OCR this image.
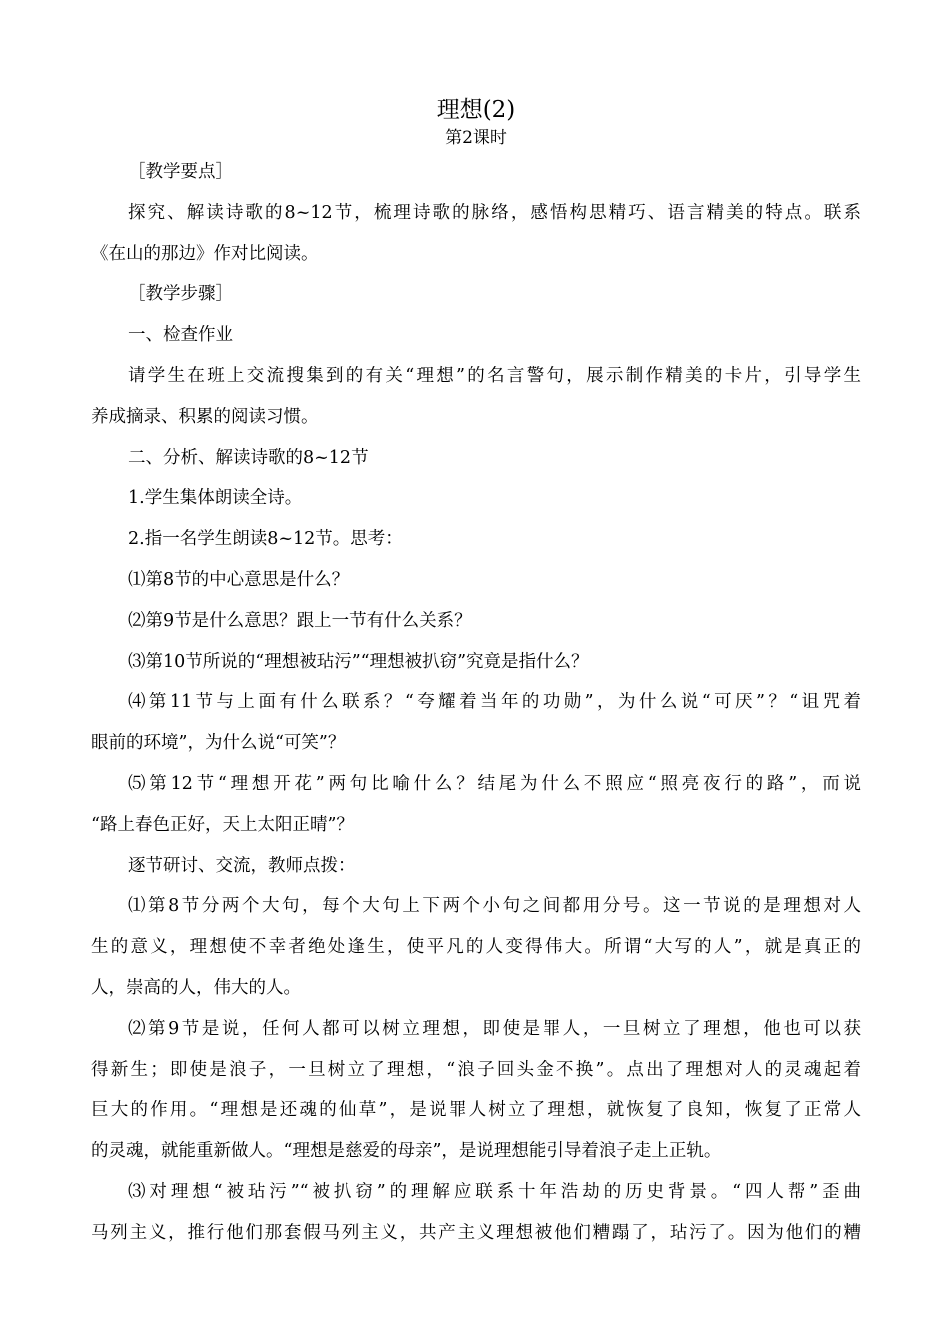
理想(2)
第2课时

［教学要点］

探究、解读诗歌的8~12节，梳理诗歌的脉络，感悟构思精巧、语言精美的特点。联系

《在山的那边》作对比阅读。

［教学步骤］

一、检查作业

请学生在班上交流搜集到的有关“理想”的名言警句，展示制作精美的卡片，引导学生

养成摘录、积累的阅读习惯。

二、分析、解读诗歌的8~12节

1.学生集体朗读全诗。

2.指一名学生朗读8~12节。思考：

⑴第8节的中心意思是什么？

⑵第9节是什么意思？跟上一节有什么关系？

⑶第10节所说的“理想被玷污”“理想被扒窃”究竟是指什么？

⑷第11节与上面有什么联系？“夸耀着当年的功勋”，为什么说“可厌”？“诅咒着

眼前的环境”，为什么说“可笑”？

⑸第12节“理想开花”两句比喻什么？结尾为什么不照应“照亮夜行的路”，而说

“路上春色正好，天上太阳正晴”？

逐节研讨、交流，教师点拨：

⑴第8节分两个大句，每个大句上下两个小句之间都用分号。这一节说的是理想对人

生的意义，理想使不幸者绝处逢生，使平凡的人变得伟大。所谓“大写的人”，就是真正的

人，崇高的人，伟大的人。

⑵第9节是说，任何人都可以树立理想，即使是罪人，一旦树立了理想，他也可以获

得新生；即使是浪子，一旦树立了理想，“浪子回头金不换”。点出了理想对人的灵魂起着

巨大的作用。“理想是还魂的仙草”，是说罪人树立了理想，就恢复了良知，恢复了正常人

的灵魂，就能重新做人。“理想是慈爱的母亲”，是说理想能引导着浪子走上正轨。

⑶对理想“被玷污”“被扒窃”的理解应联系十年浩劫的历史背景。“四人帮”歪曲

马列主义，推行他们那套假马列主义，共产主义理想被他们糟蹋了，玷污了。因为他们的糟
